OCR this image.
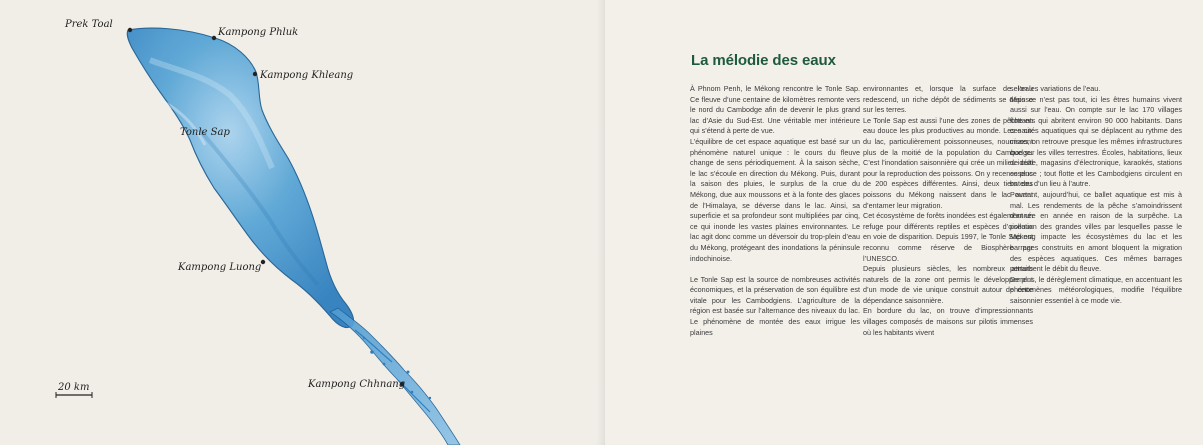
Prek Toal
Kampong Phluk
Kampong Khleang
Tonle Sap
Kampong Luong
Kampong Chhnang
20 km
La mélodie des eaux

À Phnom Penh, le Mékong rencontre le Tonle Sap. Ce fleuve d’une centaine de kilomètres remonte vers le nord du Cambodge afin de devenir le plus grand lac d’Asie du Sud-Est. Une véritable mer intérieure qui s’étend à perte de vue.

L’équilibre de cet espace aquatique est basé sur un phénomène naturel unique : le cours du fleuve change de sens périodiquement. À la saison sèche, le lac s’écoule en direction du Mékong. Puis, durant la saison des pluies, le surplus de la crue du Mékong, due aux moussons et à la fonte des glaces de l’Himalaya, se déverse dans le lac. Ainsi, sa superficie et sa profondeur sont multipliées par cinq, ce qui inonde les vastes plaines environnantes. Le lac agit donc comme un déversoir du trop-plein d’eau du Mékong, protégeant des inondations la péninsule indochinoise.

Le Tonle Sap est la source de nombreuses activités économiques, et la préservation de son équilibre est vitale pour les Cambodgiens. L’agriculture de la région est basée sur l’alternance des niveaux du lac. Le phénomène de montée des eaux irrigue les plaines

environnantes et, lorsque la surface de l’eau redescend, un riche dépôt de sédiments se dépose sur les terres.

Le Tonle Sap est aussi l’une des zones de pêche en eau douce les plus productives au monde. Les eaux du lac, particulièrement poissonneuses, nourrissent plus de la moitié de la population du Cambodge. C’est l’inondation saisonnière qui crée un milieu idéal pour la reproduction des poissons. On y recense plus de 200 espèces différentes. Ainsi, deux tiers des poissons du Mékong naissent dans le lac avant d’entamer leur migration.

Cet écosystème de forêts inondées est également un refuge pour différents reptiles et espèces d’oiseaux en voie de disparition. Depuis 1997, le Tonle Sap est reconnu comme réserve de Biosphère par l’UNESCO.

Depuis plusieurs siècles, les nombreux attraits naturels de la zone ont permis le développement d’un mode de vie unique construit autour de cette dépendance saisonnière.

En bordure du lac, on trouve d’impressionnants villages composés de maisons sur pilotis immenses où les habitants vivent

selon les variations de l’eau.

Mais ce n’est pas tout, ici les êtres humains vivent aussi sur l’eau. On compte sur le lac 170 villages flottants qui abritent environ 90 000 habitants. Dans ces cités aquatiques qui se déplacent au rythme des crues, on retrouve presque les mêmes infrastructures que sur les villes terrestres. Écoles, habitations, lieux de culte, magasins d’électronique, karaokés, stations essence ; tout flotte et les Cambodgiens circulent en bateau d’un lieu à l’autre.

Pourtant, aujourd’hui, ce ballet aquatique est mis à mal. Les rendements de la pêche s’amoindrissent d’année en année en raison de la surpêche. La pollution des grandes villes par lesquelles passe le Mékong impacte les écosystèmes du lac et les barrages construits en amont bloquent la migration des espèces aquatiques. Ces mêmes barrages perturbent le débit du fleuve.

De plus, le dérèglement climatique, en accentuant les phénomènes météorologiques, modifie l’équilibre saisonnier essentiel à ce mode vie.
